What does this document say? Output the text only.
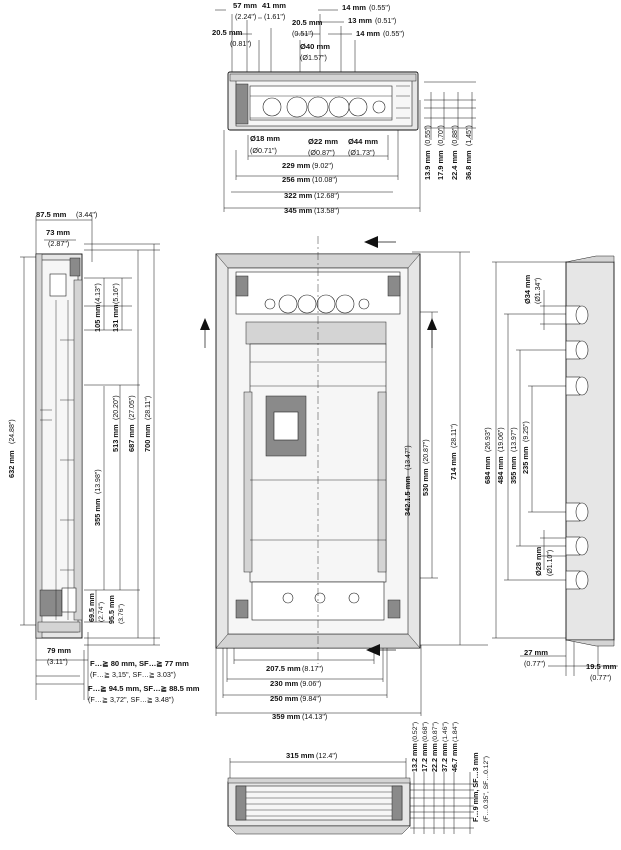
57 mm
(2.24")
41 mm
(1.61")
20.5 mm
(0.81")
20.5 mm
(0.51")
14 mm (0.55")
13 mm (0.51")
14 mm (0.55")
Ø40 mm
(Ø1.57")
Ø18 mm
(Ø0.71")
Ø22 mm
(Ø0.87")
Ø44 mm
(Ø1.73")
229 mm (9.02")
256 mm (10.08")
322 mm (12.68")
345 mm (13.58")
13.9 mm
(0.55")
17.9 mm
(0.70")
22.4 mm
(0.88")
36.8 mm
(1.45")
87.5 mm (3.44")
73 mm
(2.87")
79 mm
(3.11")
632 mm
(24.88")
105 mm
(4.13")
131 mm
(5.16")
513 mm
(20.20")
687 mm
(27.05")
700 mm
(28.11")
355 mm
(13.98")
69.5 mm (2.74") 95.5 mm (3.76")
F…≧ 80 mm, SF…≧ 77 mm
(F…≧ 3,15", SF…≧ 3.03")
F…≧ 94.5 mm, SF…≧ 88.5 mm
(F…≧ 3,72", SF…≧ 3.48")
207.5 mm (8.17")
230 mm (9.06")
250 mm (9.84")
359 mm (14.13")
342.1.5 mm
(13.47")
530 mm
(20.87")
714 mm
(28.11")
Ø34 mm (Ø1.34")
684 mm
(26.93")
484 mm
(19.06")
355 mm
(13.97")
235 mm
(9.25")
Ø28 mm (Ø1.10")
27 mm
(0.77")	19.5 mm
(0.77")
315 mm (12.4")	13.2 mm
(0.52")
17.2 mm
(0.68")
22.2 mm
(0.87")
37.2 mm
(1.46")
46.7 mm
(1.84")
F…9 mm, SF…3 mm (F…0.35", SF…0.12")
